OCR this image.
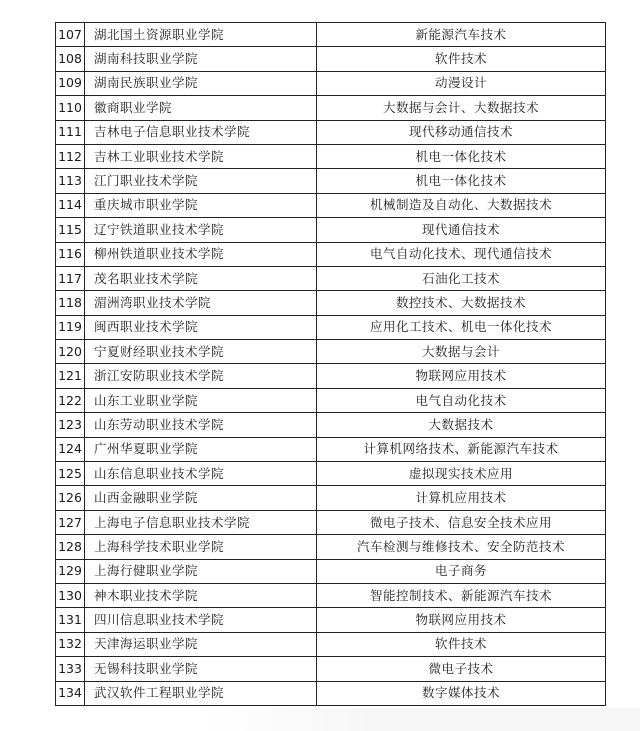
107	湖北国土资源职业学院	新能源汽车技术
108	湖南科技职业学院	软件技术
109	湖南民族职业学院	动漫设计
110	徽商职业学院	大数据与会计、大数据技术
111	吉林电子信息职业技术学院	现代移动通信技术
112	吉林工业职业技术学院	机电一体化技术
113	江门职业技术学院	机电一体化技术
114	重庆城市职业学院	机械制造及自动化、大数据技术
115	辽宁铁道职业技术学院	现代通信技术
116	柳州铁道职业技术学院	电气自动化技术、现代通信技术
117	茂名职业技术学院	石油化工技术
118	湄洲湾职业技术学院	数控技术、大数据技术
119	闽西职业技术学院	应用化工技术、机电一体化技术
120	宁夏财经职业技术学院	大数据与会计
121	浙江安防职业技术学院	物联网应用技术
122	山东工业职业学院	电气自动化技术
123	山东劳动职业技术学院	大数据技术
124	广州华夏职业学院	计算机网络技术、新能源汽车技术
125	山东信息职业技术学院	虚拟现实技术应用
126	山西金融职业学院	计算机应用技术
127	上海电子信息职业技术学院	微电子技术、信息安全技术应用
128	上海科学技术职业学院	汽车检测与维修技术、安全防范技术
129	上海行健职业学院	电子商务
130	神木职业技术学院	智能控制技术、新能源汽车技术
131	四川信息职业技术学院	物联网应用技术
132	天津海运职业学院	软件技术
133	无锡科技职业学院	微电子技术
134	武汉软件工程职业学院	数字媒体技术
